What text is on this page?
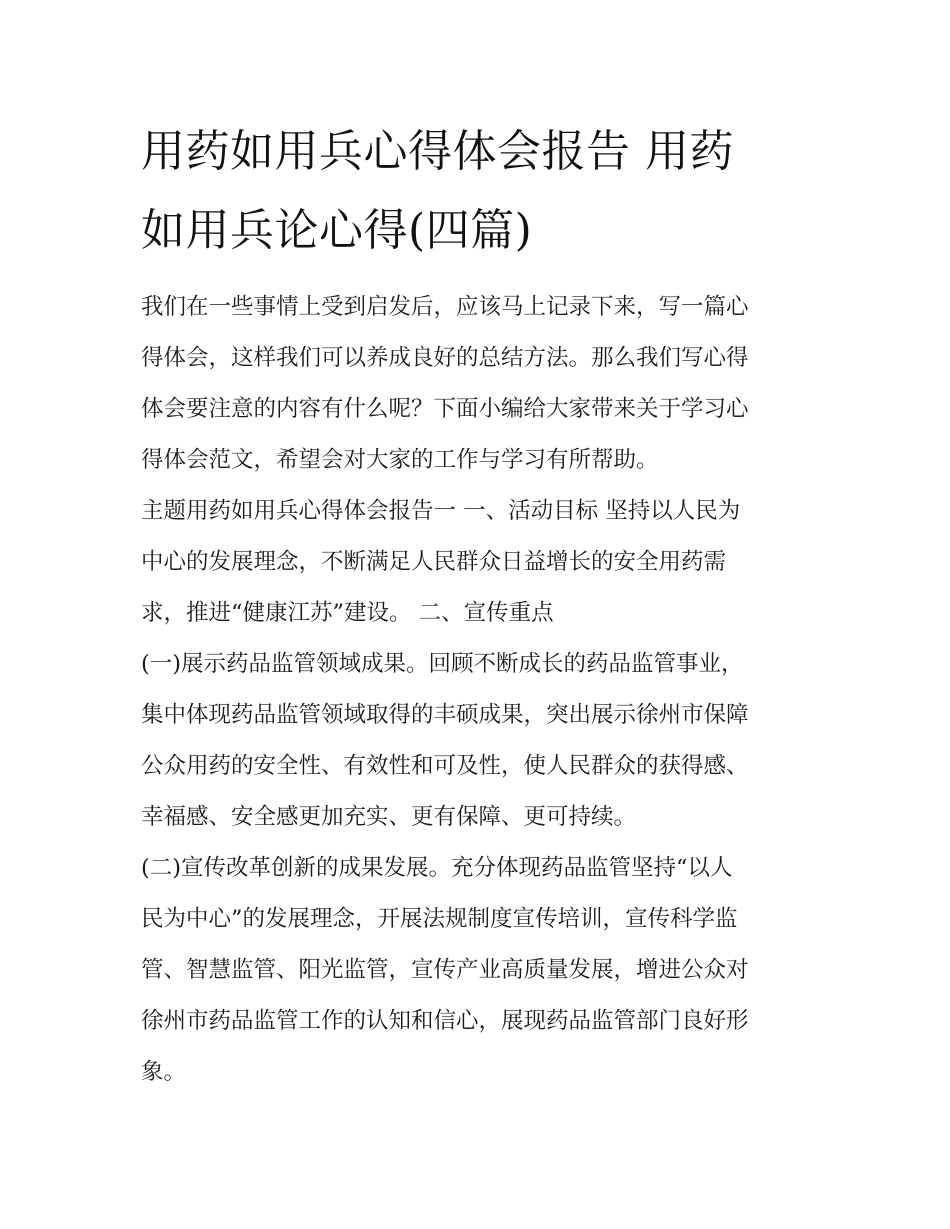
用药如用兵心得体会报告 用药
如用兵论心得(四篇)
我们在一些事情上受到启发后，应该马上记录下来，写一篇心
得体会，这样我们可以养成良好的总结方法。那么我们写心得
体会要注意的内容有什么呢？下面小编给大家带来关于学习心
得体会范文，希望会对大家的工作与学习有所帮助。
主题用药如用兵心得体会报告一 一、活动目标 坚持以人民为
中心的发展理念，不断满足人民群众日益增长的安全用药需
求，推进“健康江苏”建设。 二、宣传重点
(一)展示药品监管领域成果。回顾不断成长的药品监管事业，
集中体现药品监管领域取得的丰硕成果，突出展示徐州市保障
公众用药的安全性、有效性和可及性，使人民群众的获得感、
幸福感、安全感更加充实、更有保障、更可持续。
(二)宣传改革创新的成果发展。充分体现药品监管坚持“以人
民为中心”的发展理念，开展法规制度宣传培训，宣传科学监
管、智慧监管、阳光监管，宣传产业高质量发展，增进公众对
徐州市药品监管工作的认知和信心，展现药品监管部门良好形
象。
